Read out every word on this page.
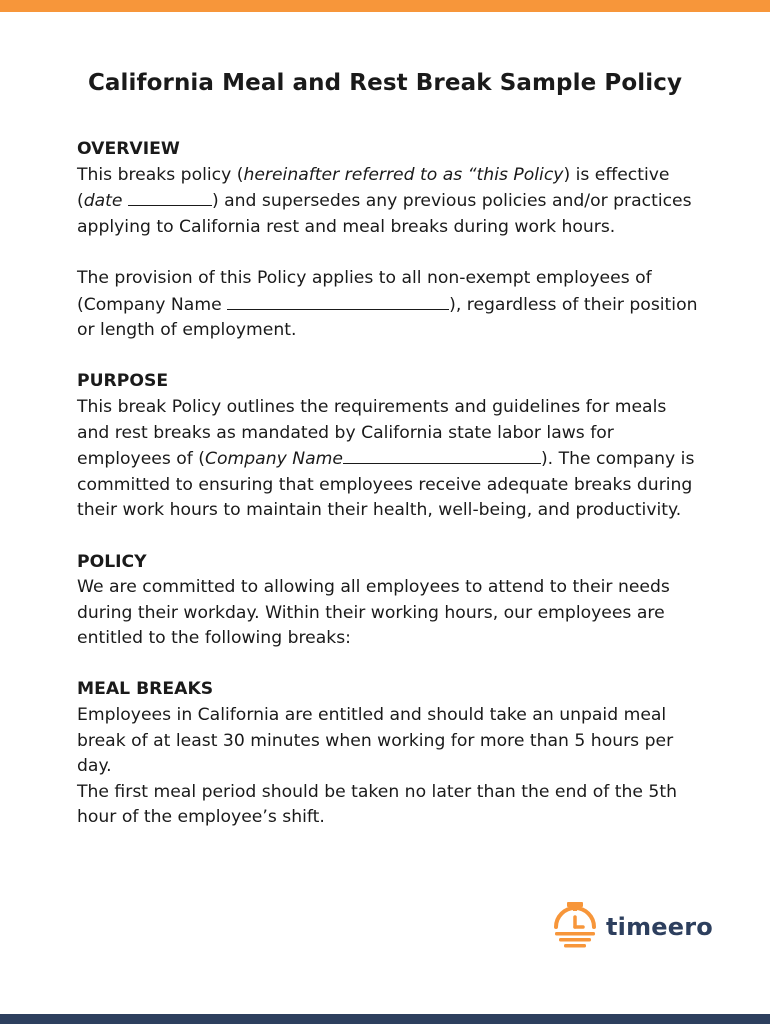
California Meal and Rest Break Sample Policy

OVERVIEW

This breaks policy (hereinafter referred to as “this Policy) is effective
(date	) and supersedes any previous policies and/or practices applying to California rest and meal breaks during work hours.

The provision of this Policy applies to all non-exempt employees of (Company Name	), regardless of their position or length of employment.

PURPOSE

This break Policy outlines the requirements and guidelines for meals and rest breaks as mandated by California state labor laws for employees of (Company Name	). The company is committed to ensuring that employees receive adequate breaks during their work hours to maintain their health, well-being, and productivity.

POLICY

We are committed to allowing all employees to attend to their needs during their workday. Within their working hours, our employees are entitled to the following breaks:

MEAL BREAKS

Employees in California are entitled and should take an unpaid meal break of at least 30 minutes when working for more than 5 hours per day.

The first meal period should be taken no later than the end of the 5th hour of the employee’s shift.

timeero
